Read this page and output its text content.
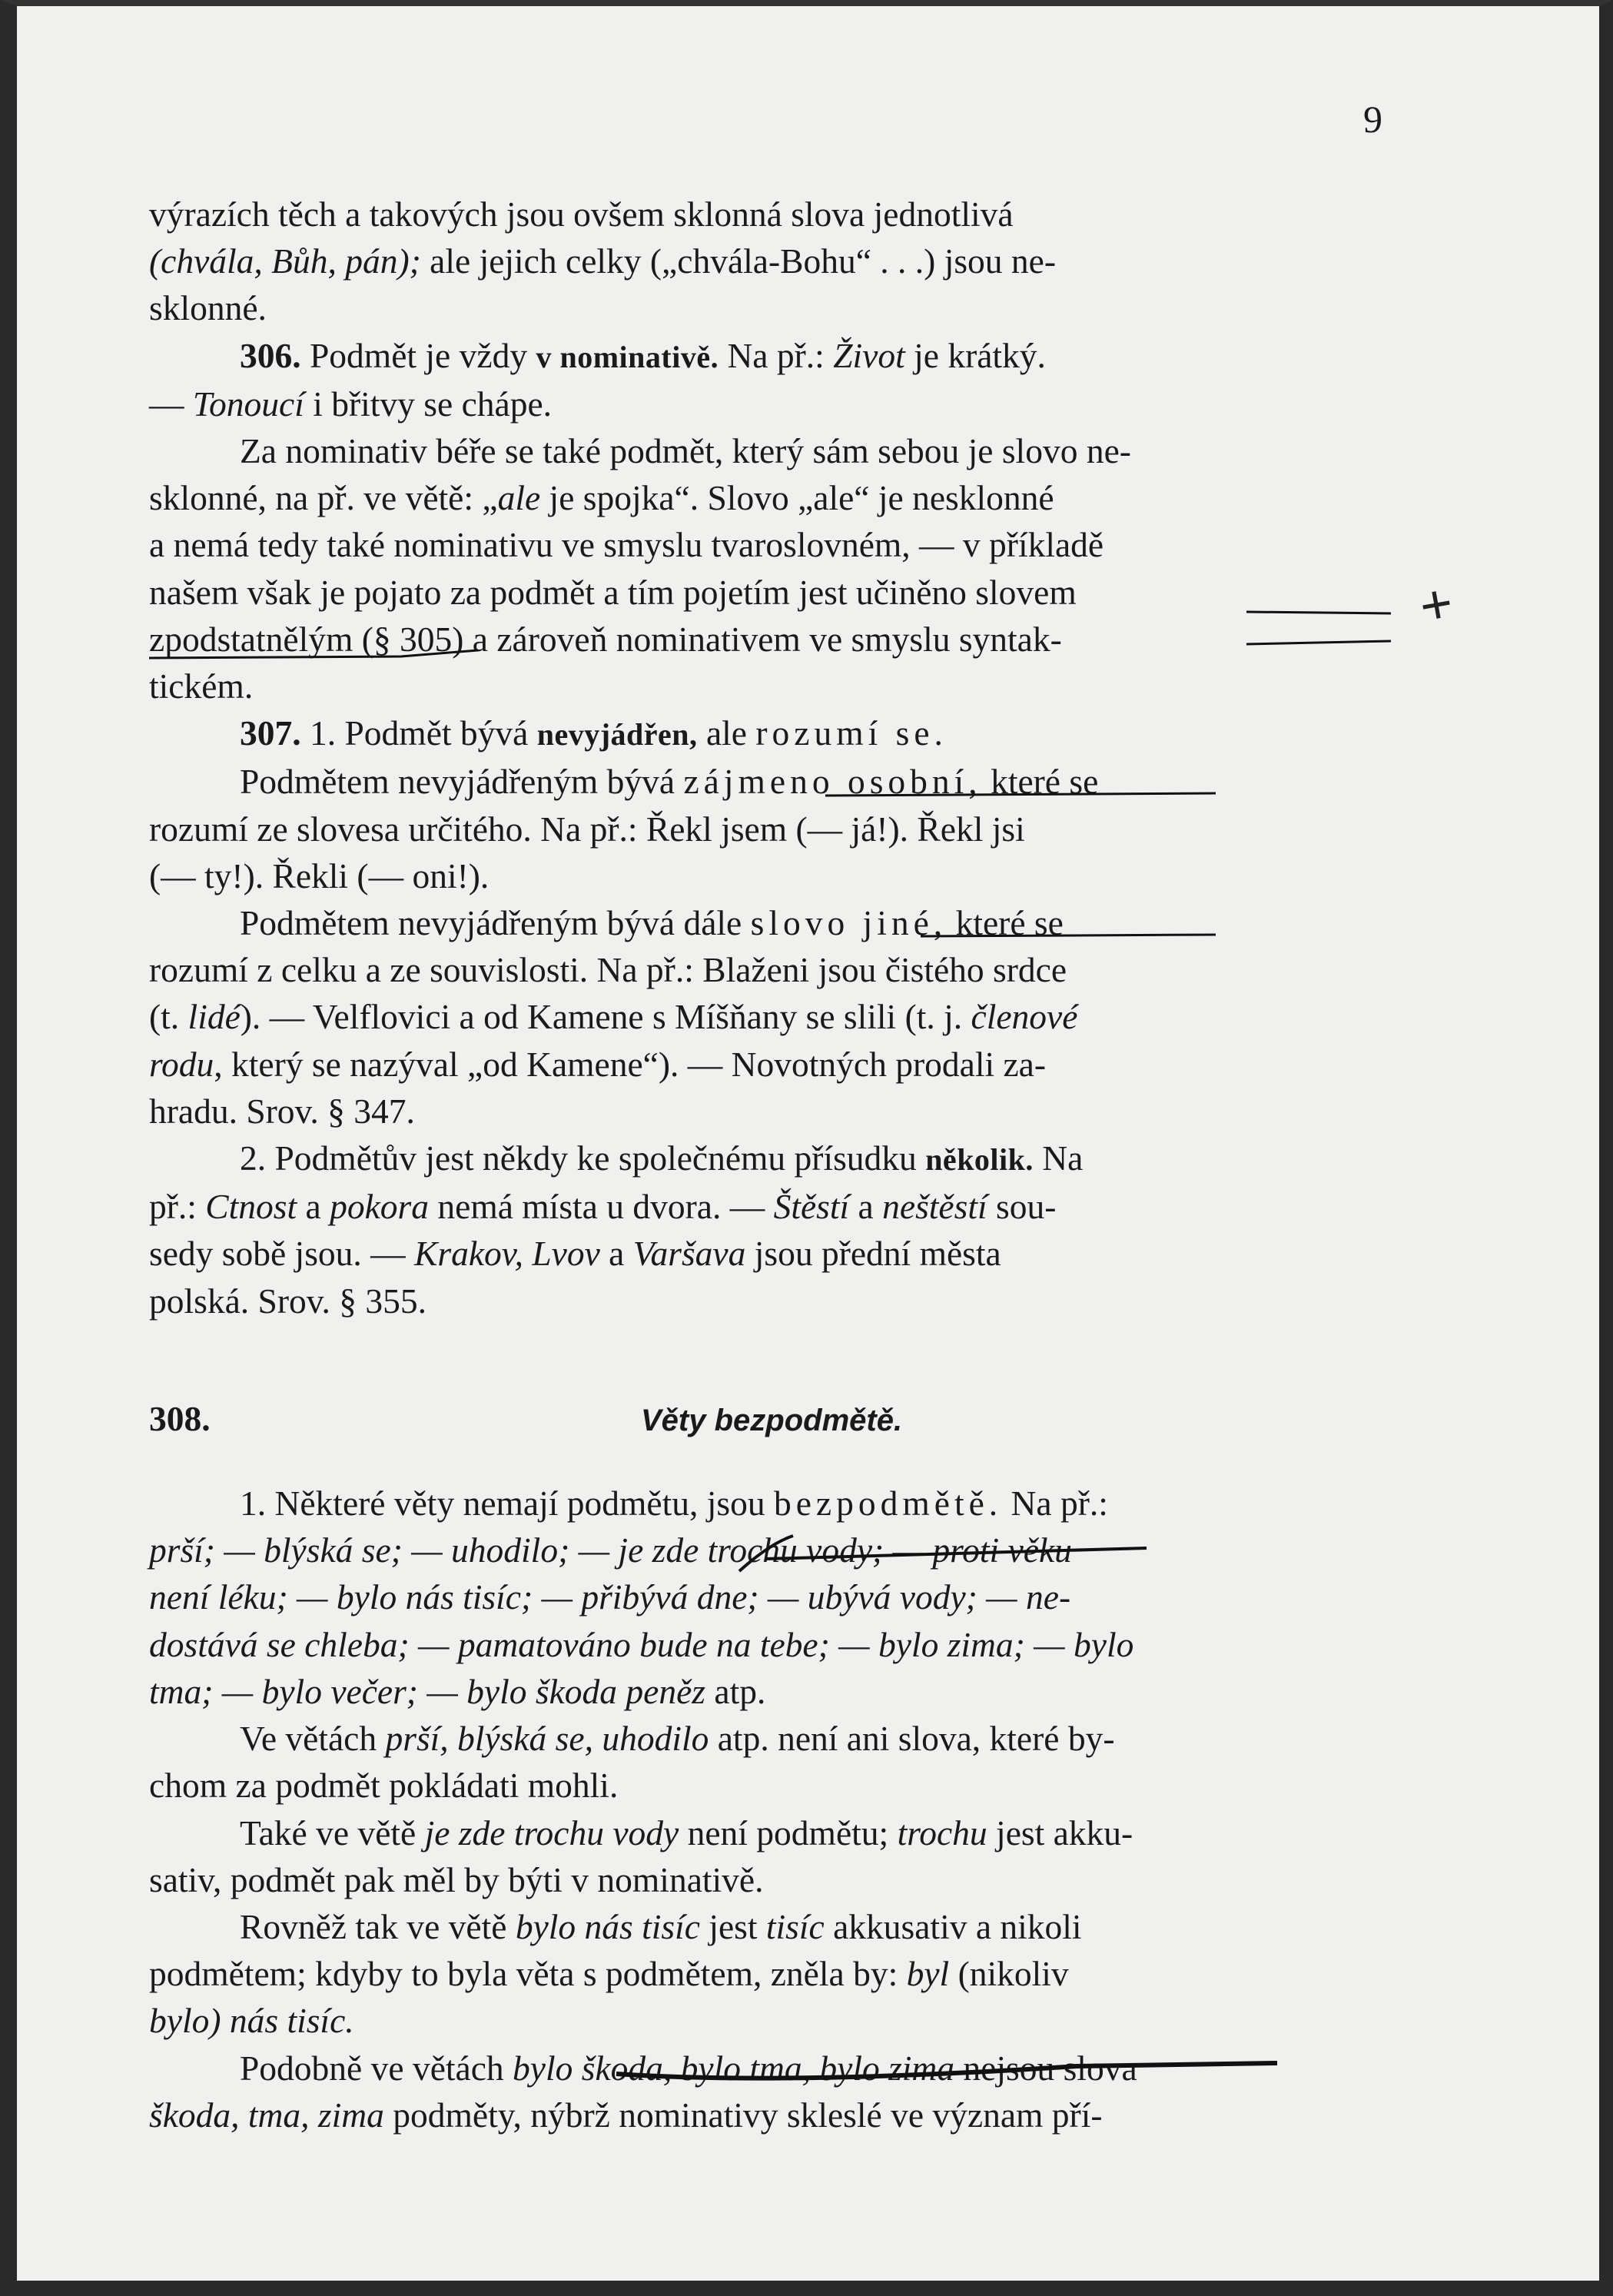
9
+

výrazích těch a takových jsou ovšem sklonná slova jednotlivá
(chvála, Bůh, pán); ale jejich celky („chvála-Bohu“ . . .) jsou ne-
sklonné.

306. Podmět je vždy v nominativě. Na př.: Život je krátký.
— Tonoucí i břitvy se chápe.

Za nominativ béře se také podmět, který sám sebou je slovo ne-
sklonné, na př. ve větě: „ale je spojka“. Slovo „ale“ je nesklonné
a nemá tedy také nominativu ve smyslu tvaroslovném, — v příkladě
našem však je pojato za podmět a tím pojetím jest učiněno slovem
zpodstatnělým (§ 305) a zároveň nominativem ve smyslu syntak-
tickém.

307. 1. Podmět bývá nevyjádřen, ale rozumí se.

Podmětem nevyjádřeným bývá zájmeno osobní, které se
rozumí ze slovesa určitého. Na př.: Řekl jsem (— já!). Řekl jsi
(— ty!). Řekli (— oni!).

Podmětem nevyjádřeným bývá dále slovo jiné, které se
rozumí z celku a ze souvislosti. Na př.: Blaženi jsou čistého srdce
(t. lidé). — Velflovici a od Kamene s Míšňany se slili (t. j. členové
rodu, který se nazýval „od Kamene“). — Novotných prodali za-
hradu. Srov. § 347.

2. Podmětův jest někdy ke společnému přísudku několik. Na
př.: Ctnost a pokora nemá místa u dvora. — Štěstí a neštěstí sou-
sedy sobě jsou. — Krakov, Lvov a Varšava jsou přední města
polská. Srov. § 355.

308.	Věty bezpodmětě.

1. Některé věty nemají podmětu, jsou bezpodmětě. Na př.:
prší; — blýská se; — uhodilo; — je zde trochu vody; — proti věku
není léku; — bylo nás tisíc; — přibývá dne; — ubývá vody; — ne-
dostává se chleba; — pamatováno bude na tebe; — bylo zima; — bylo
tma; — bylo večer; — bylo škoda peněz atp.

Ve větách prší, blýská se, uhodilo atp. není ani slova, které by-
chom za podmět pokládati mohli.

Také ve větě je zde trochu vody není podmětu; trochu jest akku-
sativ, podmět pak měl by býti v nominativě.

Rovněž tak ve větě bylo nás tisíc jest tisíc akkusativ a nikoli
podmětem; kdyby to byla věta s podmětem, zněla by: byl (nikoliv
bylo) nás tisíc.

Podobně ve větách bylo škoda, bylo tma, bylo zima nejsou slova
škoda, tma, zima podměty, nýbrž nominativy skleslé ve význam pří-
